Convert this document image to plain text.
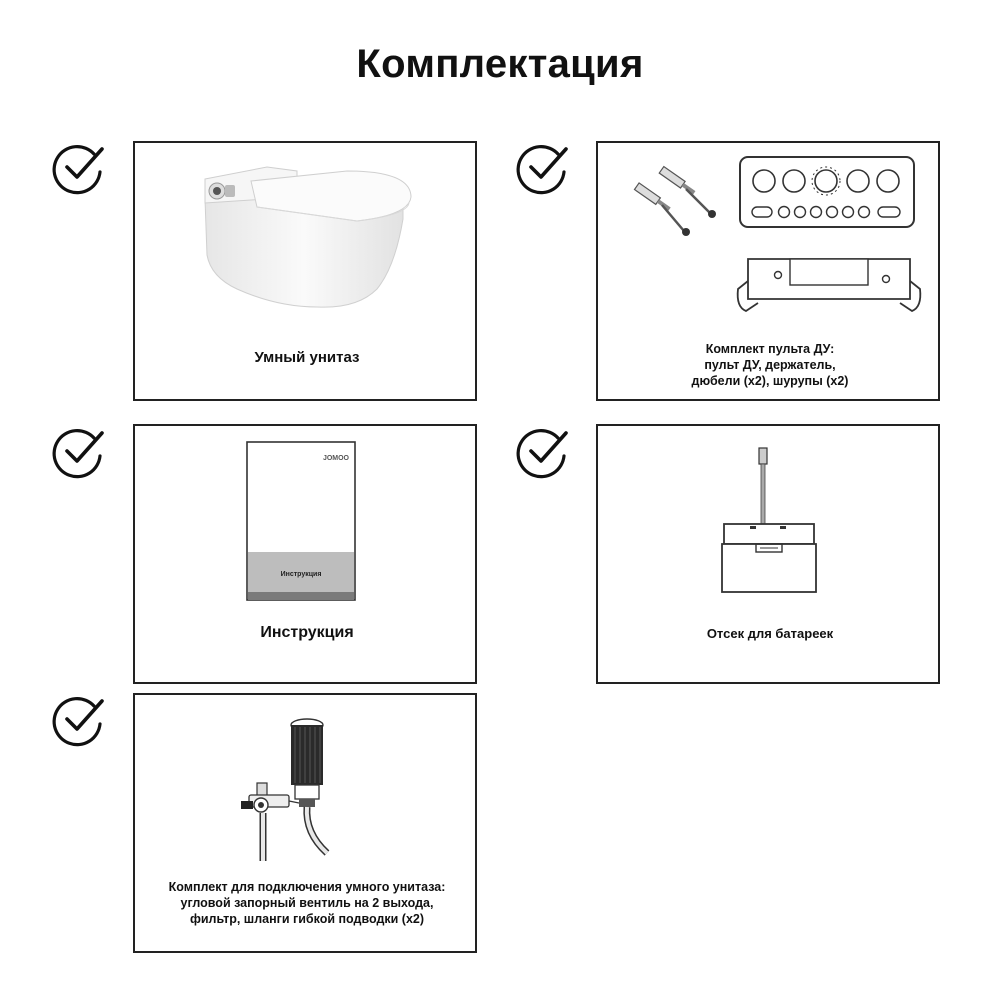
Комплектация
Умный унитаз	Комплект пульта ДУ:
пульт ДУ, держатель,
дюбели (x2), шурупы (x2)
JOMOO
Инструкция
Инструкция	Отсек для батареек
Комплект для подключения умного унитаза:
угловой запорный вентиль на 2 выхода,
фильтр, шланги гибкой подводки (x2)
